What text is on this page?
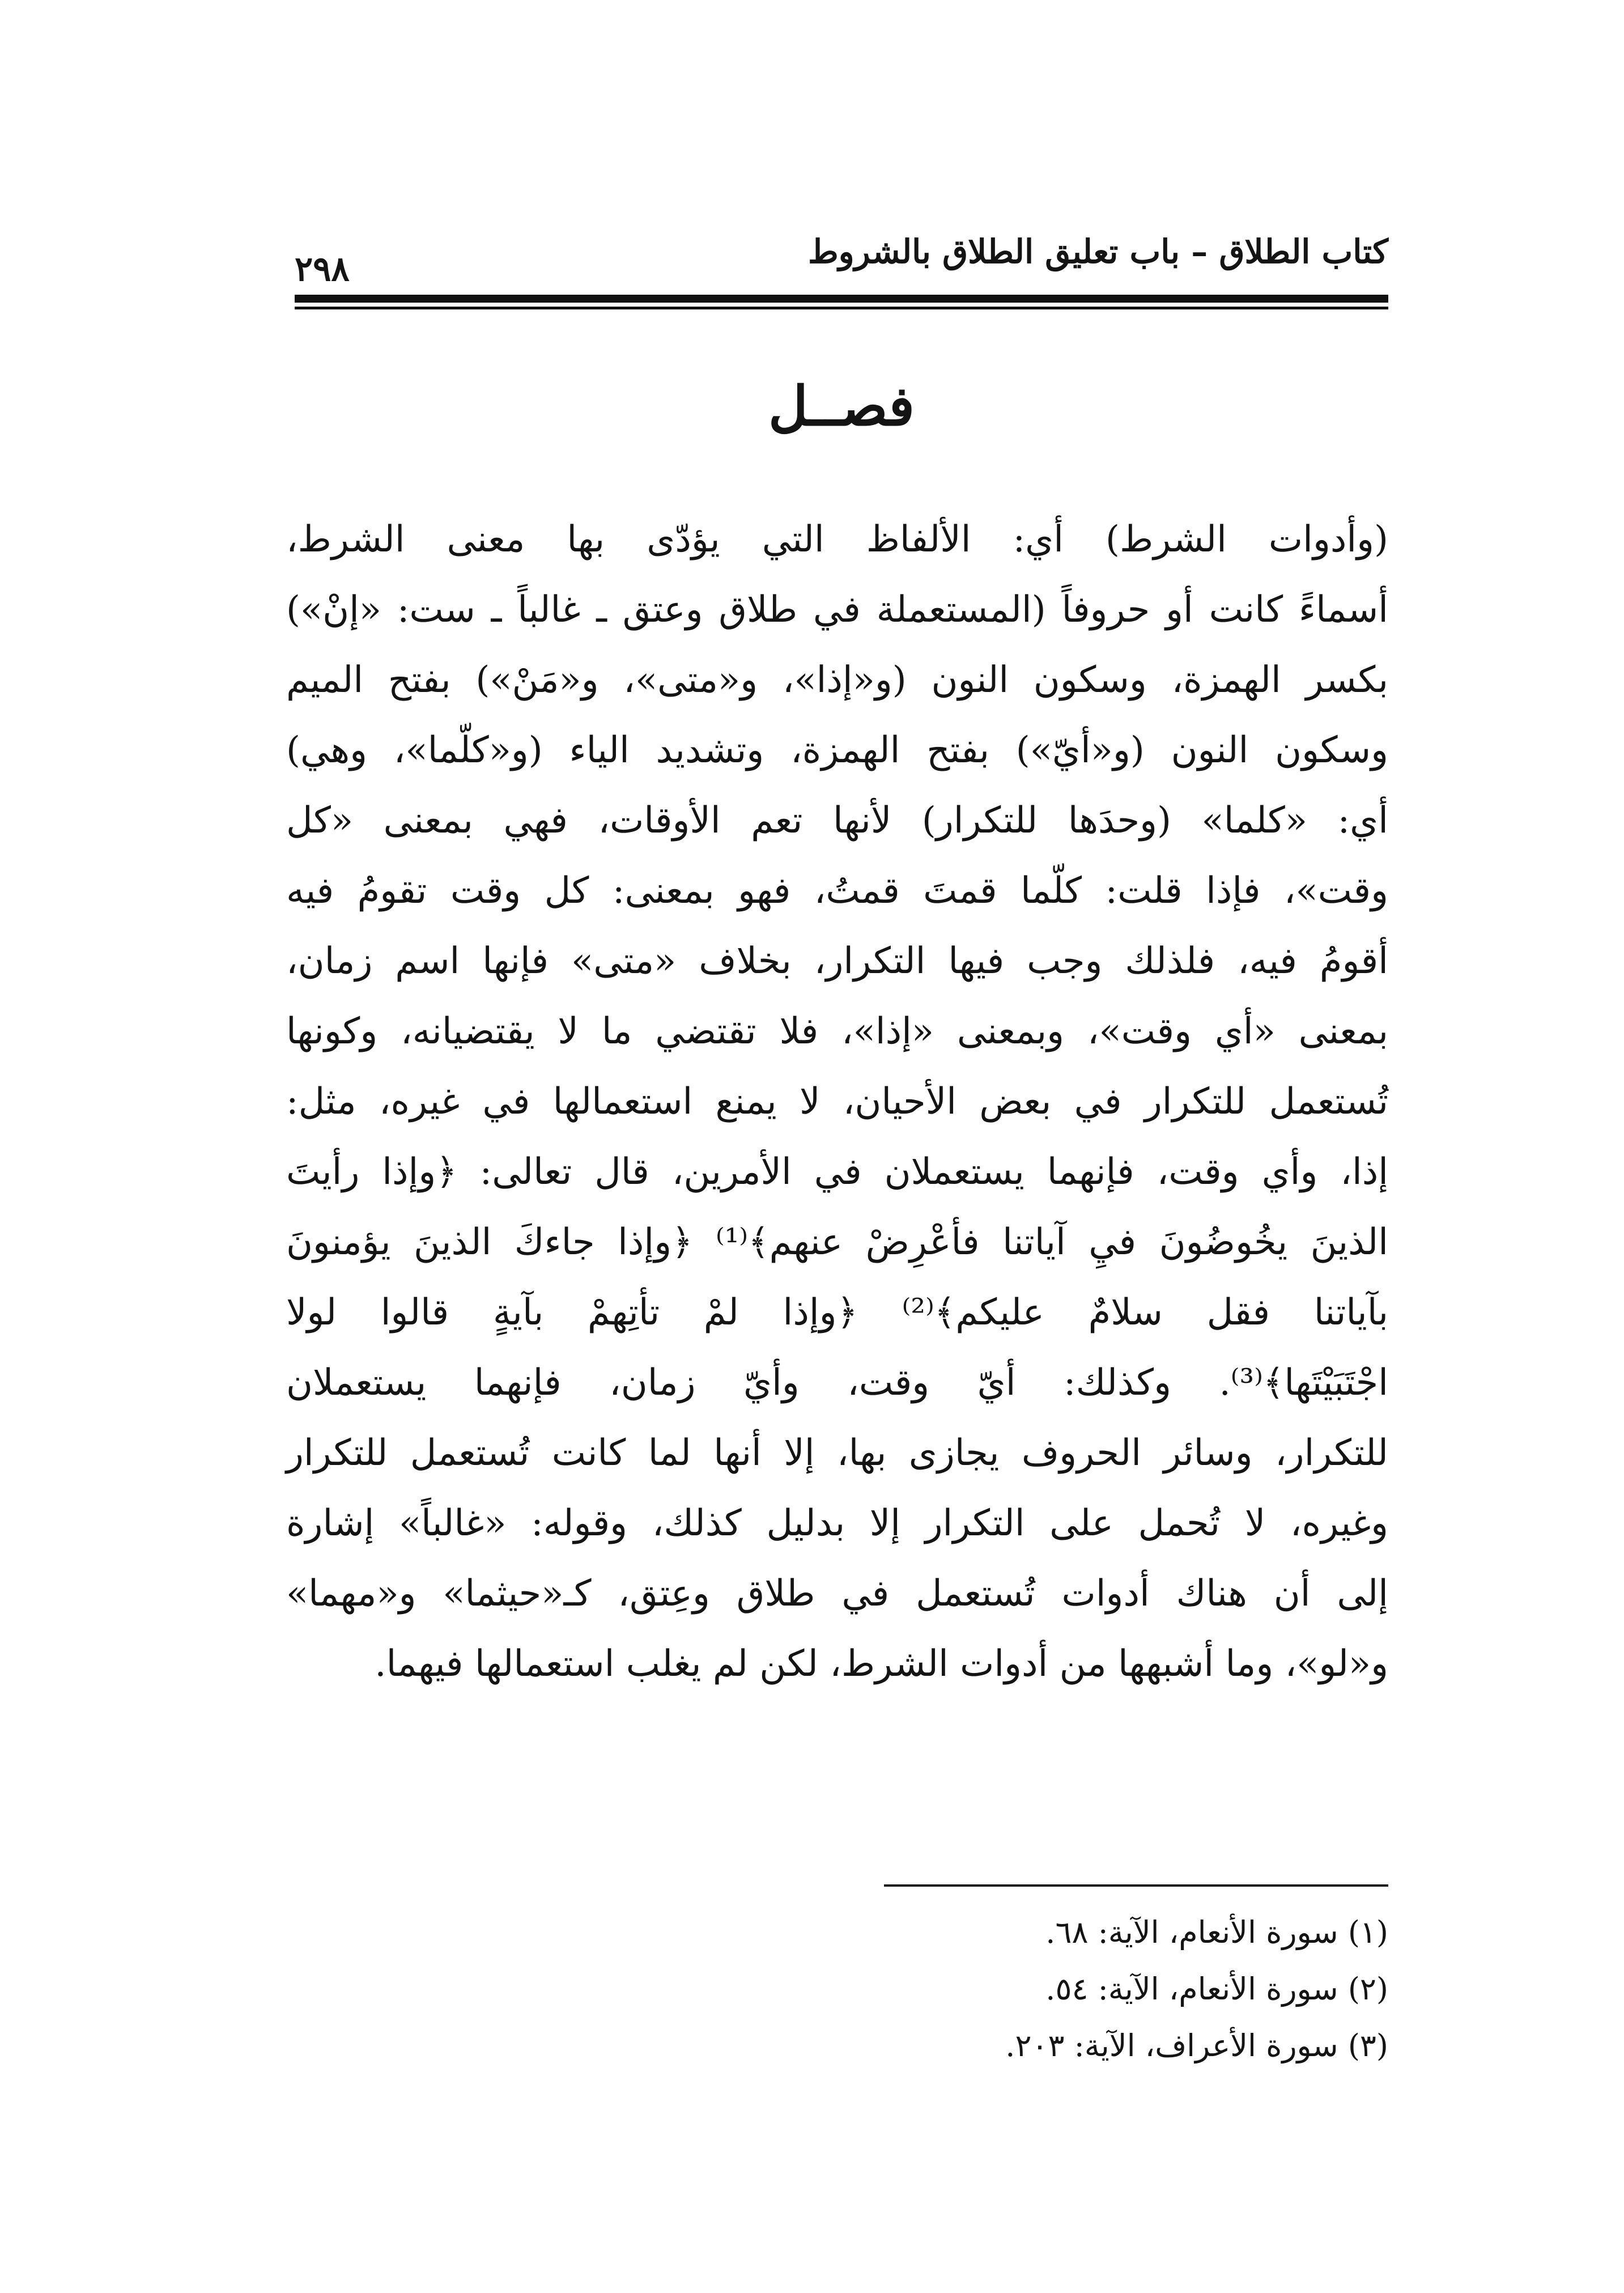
كتاب الطلاق – باب تعليق الطلاق بالشروط
٢٩٨
فصــل
(وأدوات الشرط) أي: الألفاظ التي يؤدّى بها معنى الشرط،
أسماءً كانت أو حروفاً (المستعملة في طلاق وعتق ـ غالباً ـ ست: «إنْ»)
بكسر الهمزة، وسكون النون (و«إذا»، و«متى»، و«مَنْ») بفتح الميم
وسكون النون (و«أيّ») بفتح الهمزة، وتشديد الياء (و«كلّما»، وهي)
أي: «كلما» (وحدَها للتكرار) لأنها تعم الأوقات، فهي بمعنى «كل
وقت»، فإذا قلت: كلّما قمتَ قمتُ، فهو بمعنى: كل وقت تقومُ فيه
أقومُ فيه، فلذلك وجب فيها التكرار، بخلاف «متى» فإنها اسم زمان،
بمعنى «أي وقت»، وبمعنى «إذا»، فلا تقتضي ما لا يقتضيانه، وكونها
تُستعمل للتكرار في بعض الأحيان، لا يمنع استعمالها في غيره، مثل:
إذا، وأي وقت، فإنهما يستعملان في الأمرين، قال تعالى: ﴿وإذا رأيتَ
الذينَ يخُوضُونَ فيِ آياتنا فأعْرِضْ عنهم﴾⁽¹⁾ ﴿وإذا جاءكَ الذينَ يؤمنونَ
بآياتنا فقل سلامٌ عليكم﴾⁽²⁾ ﴿وإذا لمْ تأتِهمْ بآيةٍ قالوا لولا
اجْتَبَيْتَها﴾⁽³⁾. وكذلك: أيّ وقت، وأيّ زمان، فإنهما يستعملان
للتكرار، وسائر الحروف يجازى بها، إلا أنها لما كانت تُستعمل للتكرار
وغيره، لا تُحمل على التكرار إلا بدليل كذلك، وقوله: «غالباً» إشارة
إلى أن هناك أدوات تُستعمل في طلاق وعِتق، كـ«حيثما» و«مهما»
و«لو»، وما أشبهها من أدوات الشرط، لكن لم يغلب استعمالها فيهما.
(١) سورة الأنعام، الآية: ٦٨.
(٢) سورة الأنعام، الآية: ٥٤.
(٣) سورة الأعراف، الآية: ٢٠٣.
